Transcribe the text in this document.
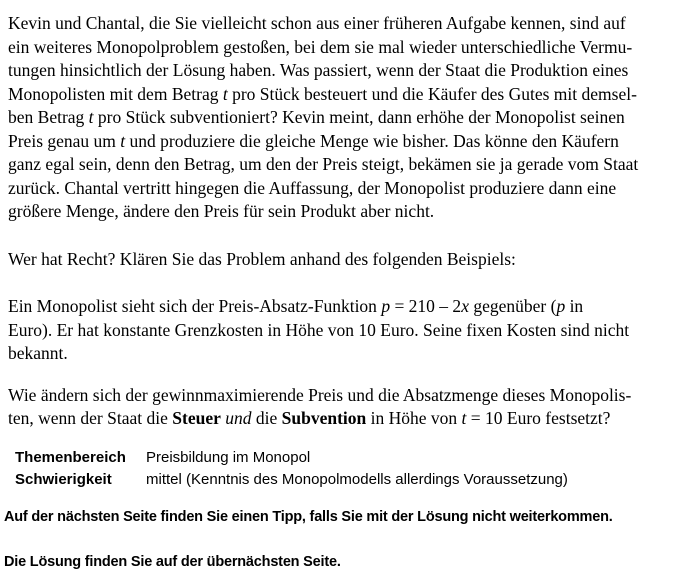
Kevin und Chantal, die Sie vielleicht schon aus einer früheren Aufgabe kennen, sind auf
ein weiteres Monopolproblem gestoßen, bei dem sie mal wieder unterschiedliche Vermu-
tungen hinsichtlich der Lösung haben. Was passiert, wenn der Staat die Produktion eines
Monopolisten mit dem Betrag t pro Stück besteuert und die Käufer des Gutes mit demsel-
ben Betrag t pro Stück subventioniert? Kevin meint, dann erhöhe der Monopolist seinen
Preis genau um t und produziere die gleiche Menge wie bisher. Das könne den Käufern
ganz egal sein, denn den Betrag, um den der Preis steigt, bekämen sie ja gerade vom Staat
zurück. Chantal vertritt hingegen die Auffassung, der Monopolist produziere dann eine
größere Menge, ändere den Preis für sein Produkt aber nicht.
Wer hat Recht? Klären Sie das Problem anhand des folgenden Beispiels:
Ein Monopolist sieht sich der Preis-Absatz-Funktion p = 210 – 2x gegenüber (p in
Euro). Er hat konstante Grenzkosten in Höhe von 10 Euro. Seine fixen Kosten sind nicht
bekannt.
Wie ändern sich der gewinnmaximierende Preis und die Absatzmenge dieses Monopolis-
ten, wenn der Staat die Steuer und die Subvention in Höhe von t = 10 Euro festsetzt?
Themenbereich	Preisbildung im Monopol
Schwierigkeit	mittel (Kenntnis des Monopolmodells allerdings Voraussetzung)
Auf der nächsten Seite finden Sie einen Tipp, falls Sie mit der Lösung nicht weiterkommen.
Die Lösung finden Sie auf der übernächsten Seite.
